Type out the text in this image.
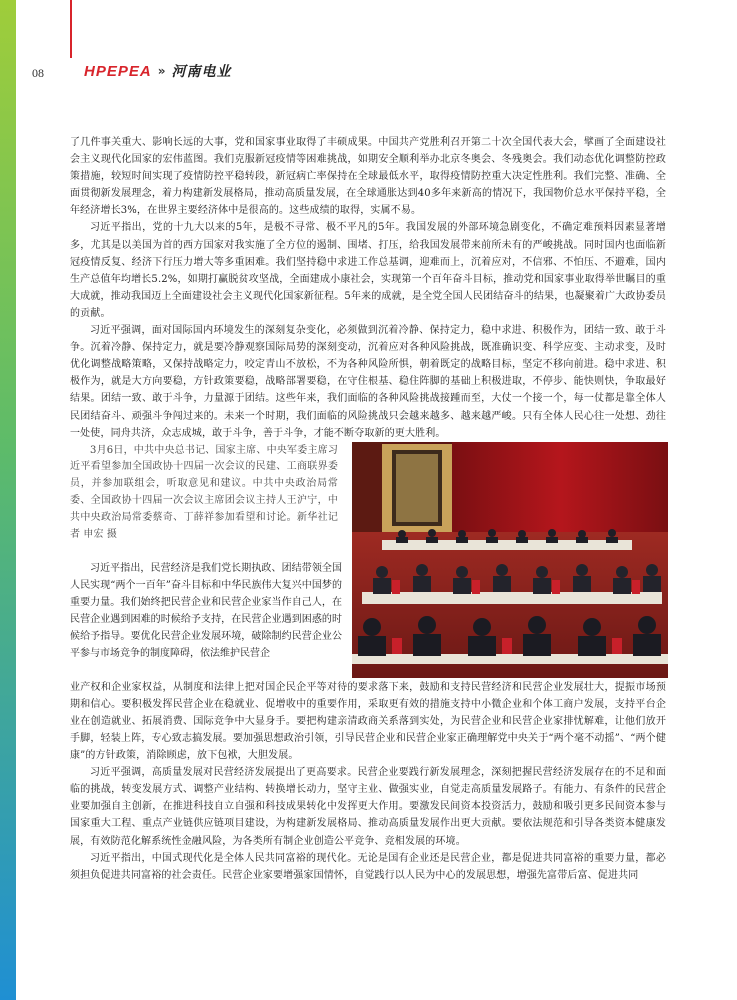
08	HPEPEA » 河南电业

了几件事关重大、影响长远的大事，党和国家事业取得了丰硕成果。中国共产党胜利召开第二十次全国代表大会，擘画了全面建设社会主义现代化国家的宏伟蓝图。我们克服新冠疫情等困难挑战，如期安全顺利举办北京冬奥会、冬残奥会。我们动态优化调整防控政策措施，较短时间实现了疫情防控平稳转段，新冠病亡率保持在全球最低水平，取得疫情防控重大决定性胜利。我们完整、准确、全面贯彻新发展理念，着力构建新发展格局，推动高质量发展，在全球通胀达到40多年来新高的情况下，我国物价总水平保持平稳，全年经济增长3%，在世界主要经济体中是很高的。这些成绩的取得，实属不易。

习近平指出，党的十九大以来的5年，是极不寻常、极不平凡的5年。我国发展的外部环境急剧变化，不确定难预料因素显著增多，尤其是以美国为首的西方国家对我实施了全方位的遏制、围堵、打压，给我国发展带来前所未有的严峻挑战。同时国内也面临新冠疫情反复、经济下行压力增大等多重困难。我们坚持稳中求进工作总基调，迎难而上，沉着应对，不信邪、不怕压、不避难，国内生产总值年均增长5.2%，如期打赢脱贫攻坚战，全面建成小康社会，实现第一个百年奋斗目标，推动党和国家事业取得举世瞩目的重大成就，推动我国迈上全面建设社会主义现代化国家新征程。5年来的成就，是全党全国人民团结奋斗的结果，也凝聚着广大政协委员的贡献。

习近平强调，面对国际国内环境发生的深刻复杂变化，必须做到沉着冷静、保持定力，稳中求进、积极作为，团结一致、敢于斗争。沉着冷静、保持定力，就是要冷静观察国际局势的深刻变动，沉着应对各种风险挑战，既准确识变、科学应变、主动求变，及时优化调整战略策略，又保持战略定力，咬定青山不放松，不为各种风险所惧，朝着既定的战略目标，坚定不移向前进。稳中求进、积极作为，就是大方向要稳，方针政策要稳，战略部署要稳，在守住根基、稳住阵脚的基础上积极进取，不停步、能快则快，争取最好结果。团结一致、敢于斗争，力量源于团结。这些年来，我们面临的各种风险挑战接踵而至，大仗一个接一个，每一仗都是靠全体人民团结奋斗、顽强斗争闯过来的。未来一个时期，我们面临的风险挑战只会越来越多、越来越严峻。只有全体人民心往一处想、劲往一处使，同舟共济，众志成城，敢于斗争，善于斗争，才能不断夺取新的更大胜利。

3月6日，中共中央总书记、国家主席、中央军委主席习近平看望参加全国政协十四届一次会议的民建、工商联界委员，并参加联组会，听取意见和建议。中共中央政治局常委、全国政协十四届一次会议主席团会议主持人王沪宁，中共中央政治局常委蔡奇、丁薛祥参加看望和讨论。新华社记者 申宏 摄

习近平指出，民营经济是我们党长期执政、团结带领全国人民实现“两个一百年”奋斗目标和中华民族伟大复兴中国梦的重要力量。我们始终把民营企业和民营企业家当作自己人，在民营企业遇到困难的时候给予支持，在民营企业遇到困惑的时候给予指导。要优化民营企业发展环境，破除制约民营企业公平参与市场竞争的制度障碍，依法维护民营企

业产权和企业家权益，从制度和法律上把对国企民企平等对待的要求落下来，鼓励和支持民营经济和民营企业发展壮大，提振市场预期和信心。要积极发挥民营企业在稳就业、促增收中的重要作用，采取更有效的措施支持中小微企业和个体工商户发展，支持平台企业在创造就业、拓展消费、国际竞争中大显身手。要把构建亲清政商关系落到实处，为民营企业和民营企业家排忧解难，让他们放开手脚，轻装上阵，专心致志搞发展。要加强思想政治引领，引导民营企业和民营企业家正确理解党中央关于“两个毫不动摇”、“两个健康”的方针政策，消除顾虑，放下包袱，大胆发展。

习近平强调，高质量发展对民营经济发展提出了更高要求。民营企业要践行新发展理念，深刻把握民营经济发展存在的不足和面临的挑战，转变发展方式、调整产业结构、转换增长动力，坚守主业、做强实业，自觉走高质量发展路子。有能力、有条件的民营企业要加强自主创新，在推进科技自立自强和科技成果转化中发挥更大作用。要激发民间资本投资活力，鼓励和吸引更多民间资本参与国家重大工程、重点产业链供应链项目建设，为构建新发展格局、推动高质量发展作出更大贡献。要依法规范和引导各类资本健康发展，有效防范化解系统性金融风险，为各类所有制企业创造公平竞争、竞相发展的环境。

习近平指出，中国式现代化是全体人民共同富裕的现代化。无论是国有企业还是民营企业，都是促进共同富裕的重要力量，都必须担负促进共同富裕的社会责任。民营企业家要增强家国情怀，自觉践行以人民为中心的发展思想，增强先富带后富、促进共同
